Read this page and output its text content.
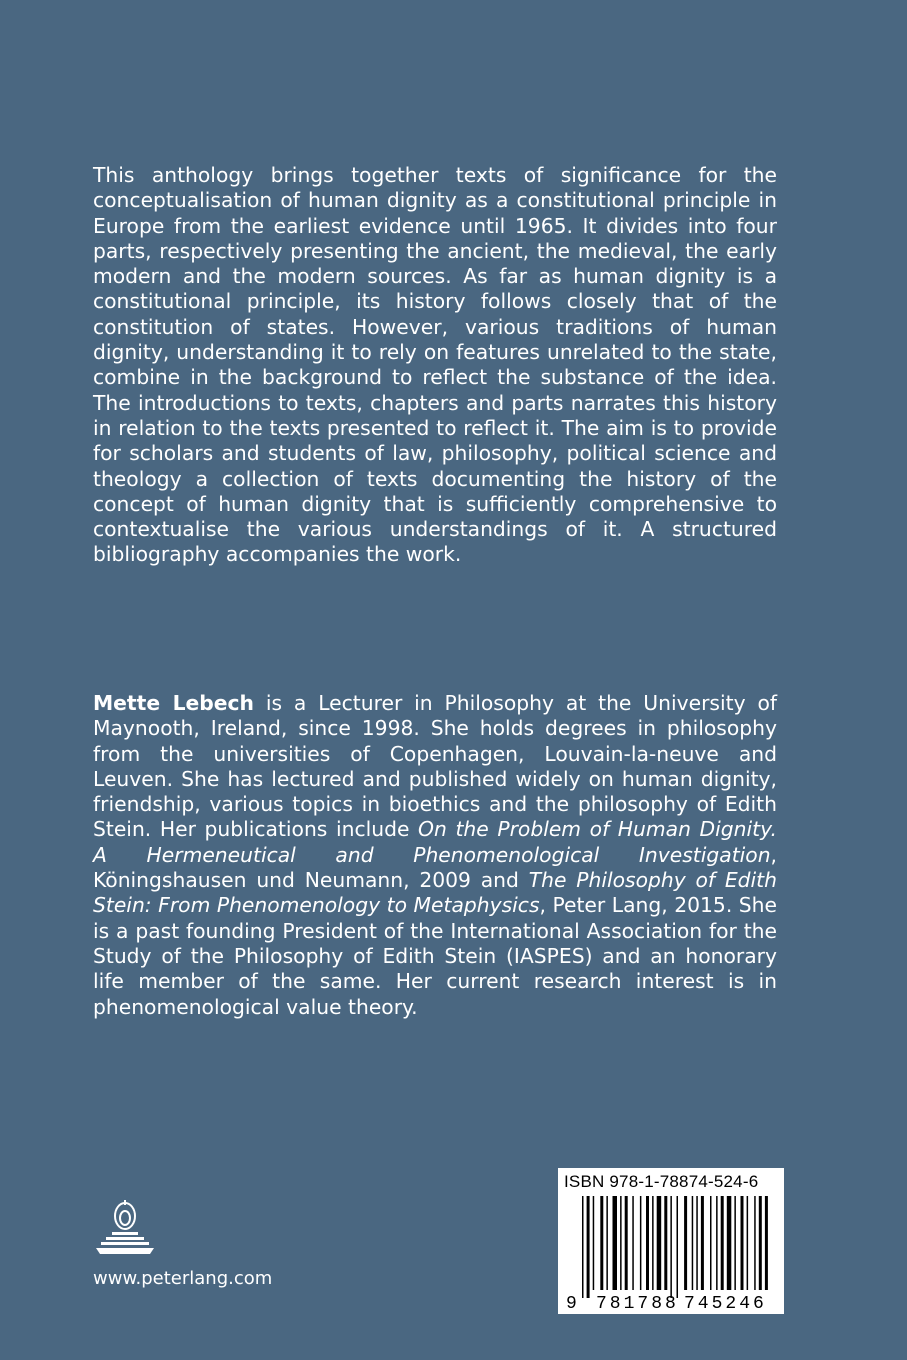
This anthology brings together texts of significance for the conceptualisation of human dignity as a constitutional principle in Europe from the earliest evidence until 1965. It divides into four parts, respectively presenting the ancient, the medieval, the early modern and the modern sources. As far as human dignity is a constitutional principle, its history follows closely that of the constitution of states. However, various traditions of human dignity, understanding it to rely on features unrelated to the state, combine in the background to reflect the substance of the idea. The introductions to texts, chapters and parts narrates this history in relation to the texts presented to reflect it. The aim is to provide for scholars and students of law, philosophy, political science and theology a collection of texts documenting the history of the concept of human dignity that is sufficiently comprehensive to contextualise the various understandings of it. A structured bibliography accompanies the work.

Mette Lebech is a Lecturer in Philosophy at the University of Maynooth, Ireland, since 1998. She holds degrees in philosophy from the universities of Copenhagen, Louvain-la-neuve and Leuven. She has lectured and published widely on human dignity, friendship, various topics in bioethics and the philosophy of Edith Stein. Her publications include On the Problem of Human Dignity. A Hermeneutical and Phenomenological Investigation, Köningshausen und Neumann, 2009 and The Philosophy of Edith Stein: From Phenomenology to Metaphysics, Peter Lang, 2015. She is a past founding President of the International Association for the Study of the Philosophy of Edith Stein (IASPES) and an honorary life member of the same. Her current research interest is in phenomenological value theory.

www.peterlang.com
ISBN 978-1-78874-524-6
9 781788 745246
